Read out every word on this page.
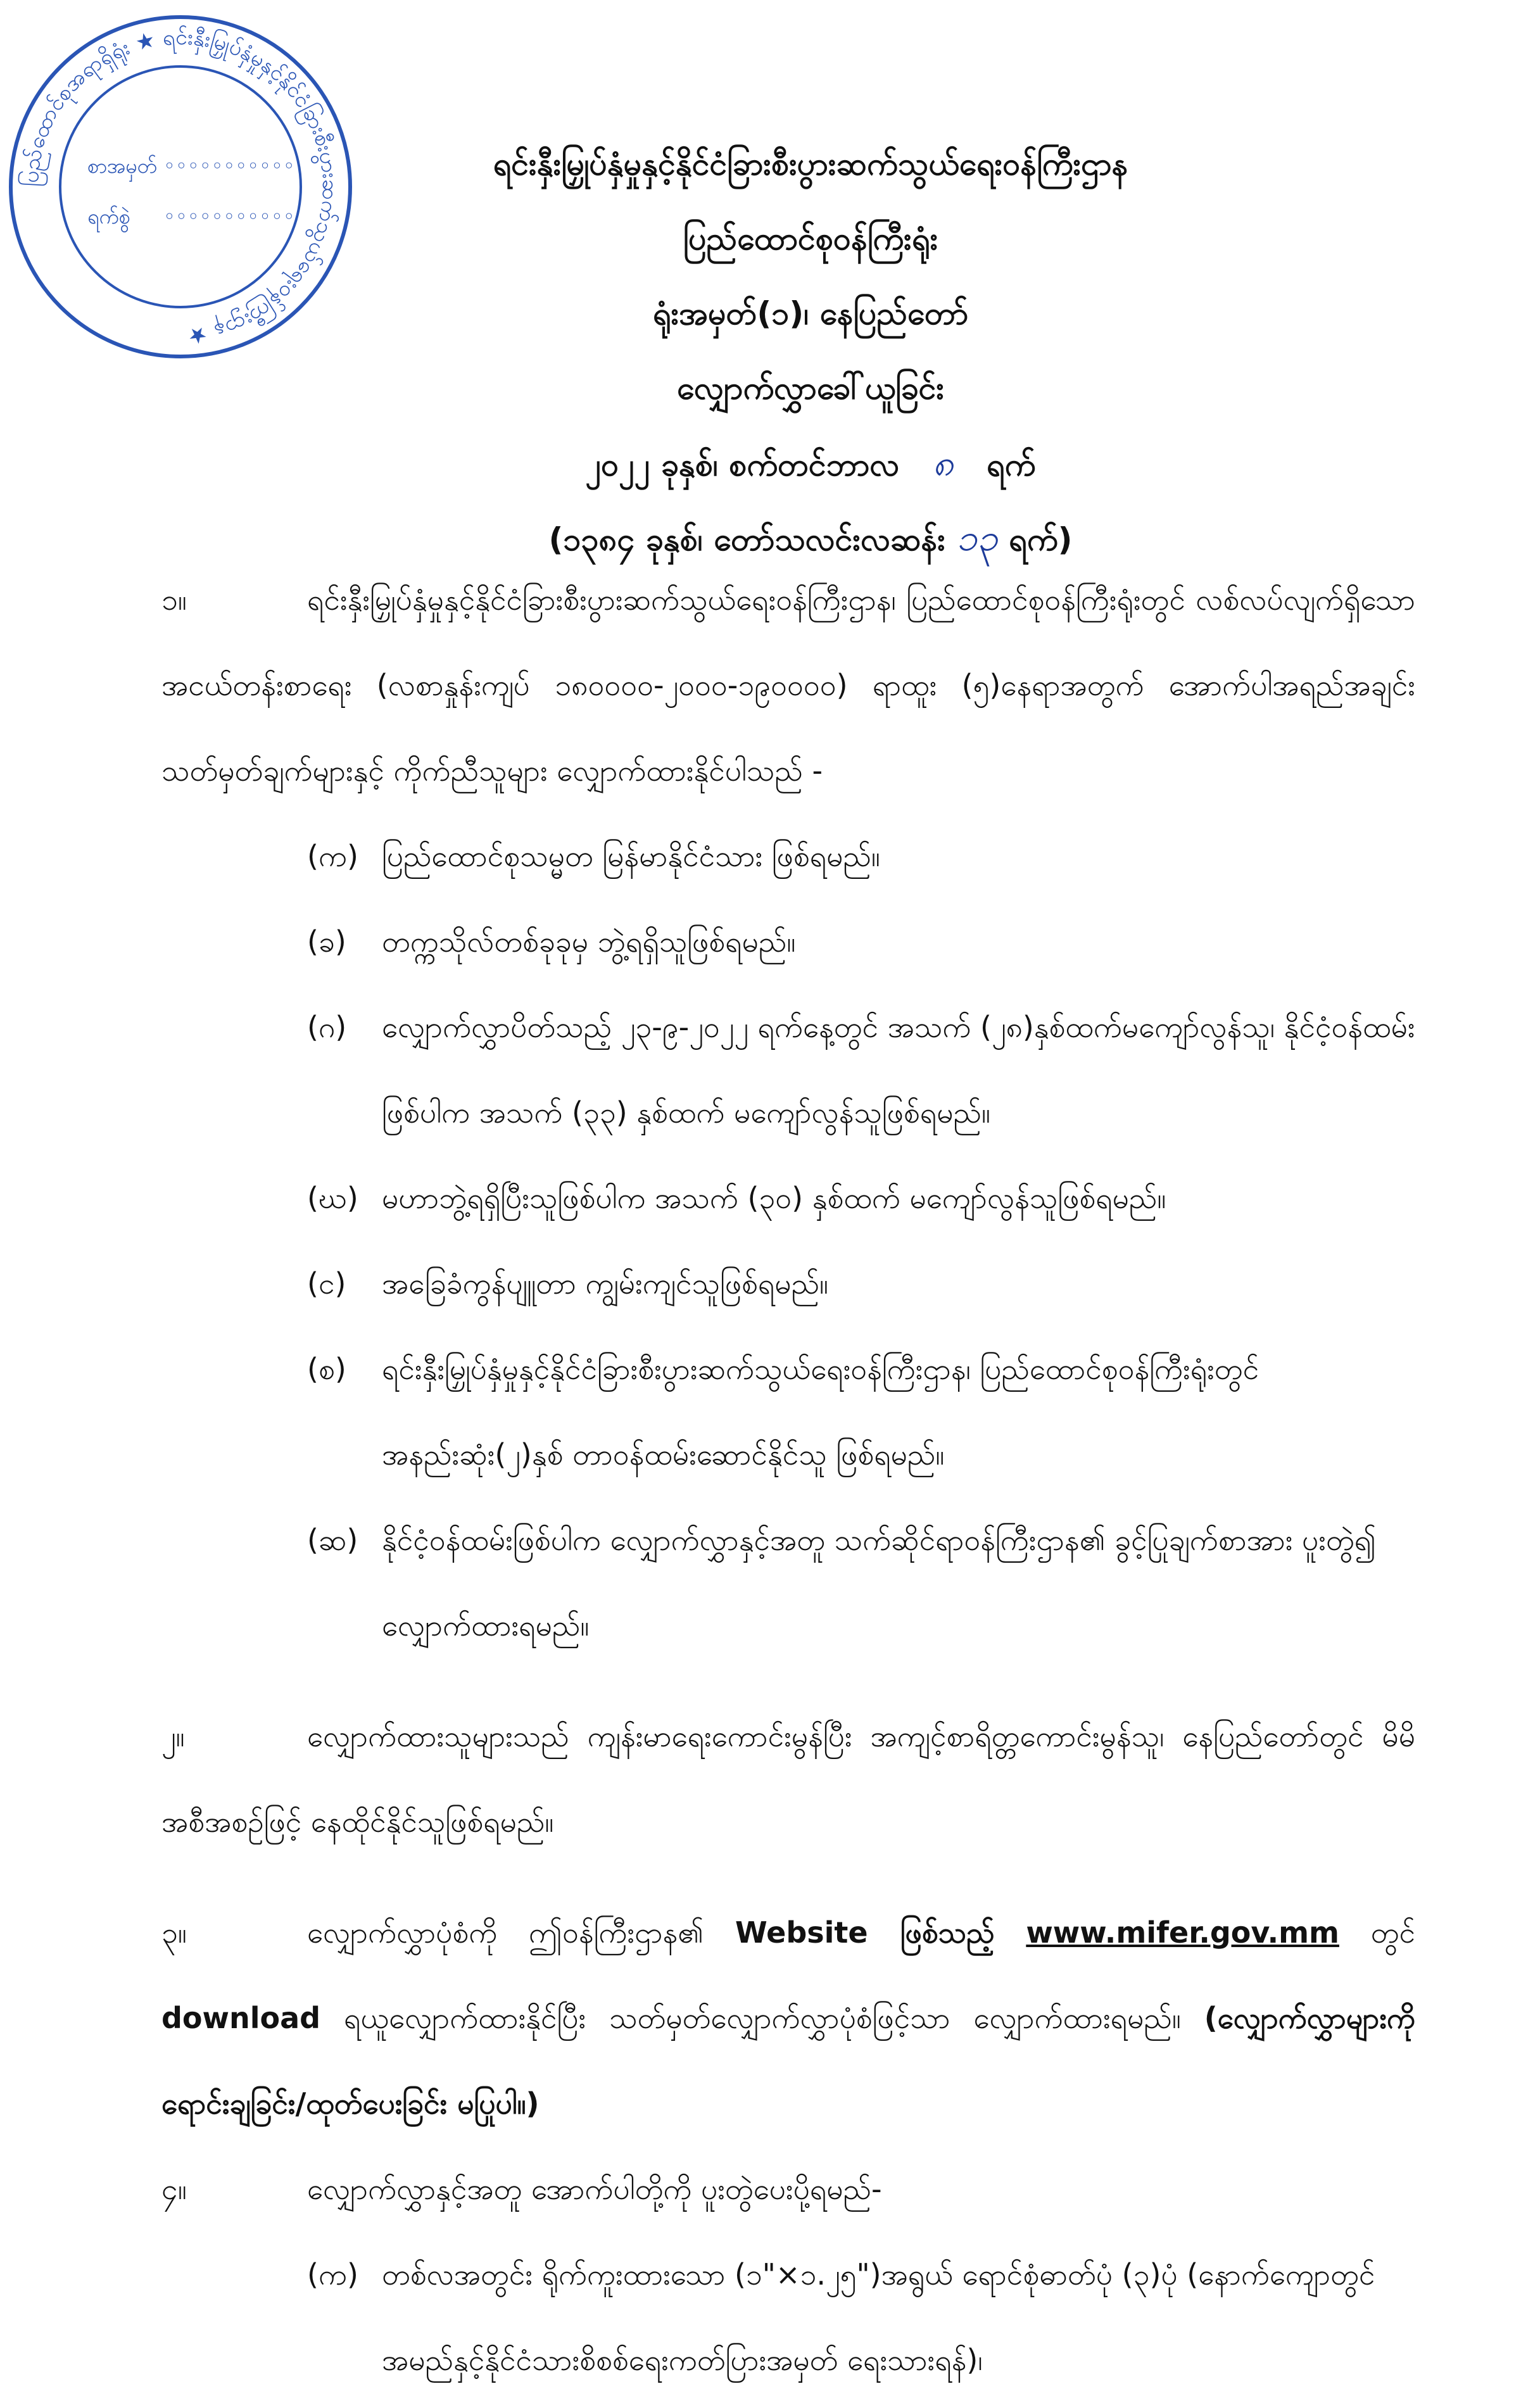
ပြည်ထောင်စုအရာရှိရုံး ★ ရင်းနှီးမြှုပ်နှံမှုနှင့်နိုင်ငံခြားစီးပွားဆက်သွယ်ရေးဝန်ကြီးဌာန ★
စာအမှတ် ◦◦◦◦◦◦◦◦◦◦◦
ရက်စွဲ ◦◦◦◦◦◦◦◦◦◦◦
ရင်းနှီးမြှုပ်နှံမှုနှင့်နိုင်ငံခြားစီးပွားဆက်သွယ်ရေးဝန်ကြီးဌာန
ပြည်ထောင်စုဝန်ကြီးရုံး
ရုံးအမှတ်(၁)၊ နေပြည်တော်
လျှောက်လွှာခေါ်ယူခြင်း
၂၀၂၂ ခုနှစ်၊ စက်တင်ဘာလ ၈ ရက်
(၁၃၈၄ ခုနှစ်၊ တော်သလင်းလဆန်း ၁၃ ရက်)
၁။	ရင်းနှီးမြှုပ်နှံမှုနှင့်နိုင်ငံခြားစီးပွားဆက်သွယ်ရေးဝန်ကြီးဌာန၊ ပြည်ထောင်စုဝန်ကြီးရုံးတွင် လစ်လပ်လျက်ရှိသော အငယ်တန်းစာရေး (လစာနှုန်းကျပ် ၁၈၀၀၀၀-၂၀၀၀-၁၉၀၀၀၀) ရာထူး (၅)နေရာအတွက် အောက်ပါအရည်အချင်း သတ်မှတ်ချက်များနှင့် ကိုက်ညီသူများ လျှောက်ထားနိုင်ပါသည် -
(က) ပြည်ထောင်စုသမ္မတ မြန်မာနိုင်ငံသား ဖြစ်ရမည်။
(ခ) တက္ကသိုလ်တစ်ခုခုမှ ဘွဲ့ရရှိသူဖြစ်ရမည်။
(ဂ) လျှောက်လွှာပိတ်သည့် ၂၃-၉-၂၀၂၂ ရက်နေ့တွင် အသက် (၂၈)နှစ်ထက်မကျော်လွန်သူ၊ နိုင်ငံ့ဝန်ထမ်းဖြစ်ပါက အသက် (၃၃) နှစ်ထက် မကျော်လွန်သူဖြစ်ရမည်။
(ဃ) မဟာဘွဲ့ရရှိပြီးသူဖြစ်ပါက အသက် (၃၀) နှစ်ထက် မကျော်လွန်သူဖြစ်ရမည်။
(င) အခြေခံကွန်ပျူတာ ကျွမ်းကျင်သူဖြစ်ရမည်။
(စ) ရင်းနှီးမြှုပ်နှံမှုနှင့်နိုင်ငံခြားစီးပွားဆက်သွယ်ရေးဝန်ကြီးဌာန၊ ပြည်ထောင်စုဝန်ကြီးရုံးတွင် အနည်းဆုံး(၂)နှစ် တာဝန်ထမ်းဆောင်နိုင်သူ ဖြစ်ရမည်။
(ဆ) နိုင်ငံ့ဝန်ထမ်းဖြစ်ပါက လျှောက်လွှာနှင့်အတူ သက်ဆိုင်ရာဝန်ကြီးဌာန၏ ခွင့်ပြုချက်စာအား ပူးတွဲ၍ လျှောက်ထားရမည်။
၂။	လျှောက်ထားသူများသည် ကျန်းမာရေးကောင်းမွန်ပြီး အကျင့်စာရိတ္တကောင်းမွန်သူ၊ နေပြည်တော်တွင် မိမိအစီအစဉ်ဖြင့် နေထိုင်နိုင်သူဖြစ်ရမည်။
၃။	လျှောက်လွှာပုံစံကို ဤဝန်ကြီးဌာန၏ Website ဖြစ်သည့် www.mifer.gov.mm တွင် download ရယူလျှောက်ထားနိုင်ပြီး သတ်မှတ်လျှောက်လွှာပုံစံဖြင့်သာ လျှောက်ထားရမည်။ (လျှောက်လွှာများကို ရောင်းချခြင်း/ထုတ်ပေးခြင်း မပြုပါ။)
၄။	လျှောက်လွှာနှင့်အတူ အောက်ပါတို့ကို ပူးတွဲပေးပို့ရမည်-
(က) တစ်လအတွင်း ရိုက်ကူးထားသော (၁"×၁.၂၅")အရွယ် ရောင်စုံဓာတ်ပုံ (၃)ပုံ (နောက်ကျောတွင် အမည်နှင့်နိုင်ငံသားစိစစ်ရေးကတ်ပြားအမှတ် ရေးသားရန်)၊
